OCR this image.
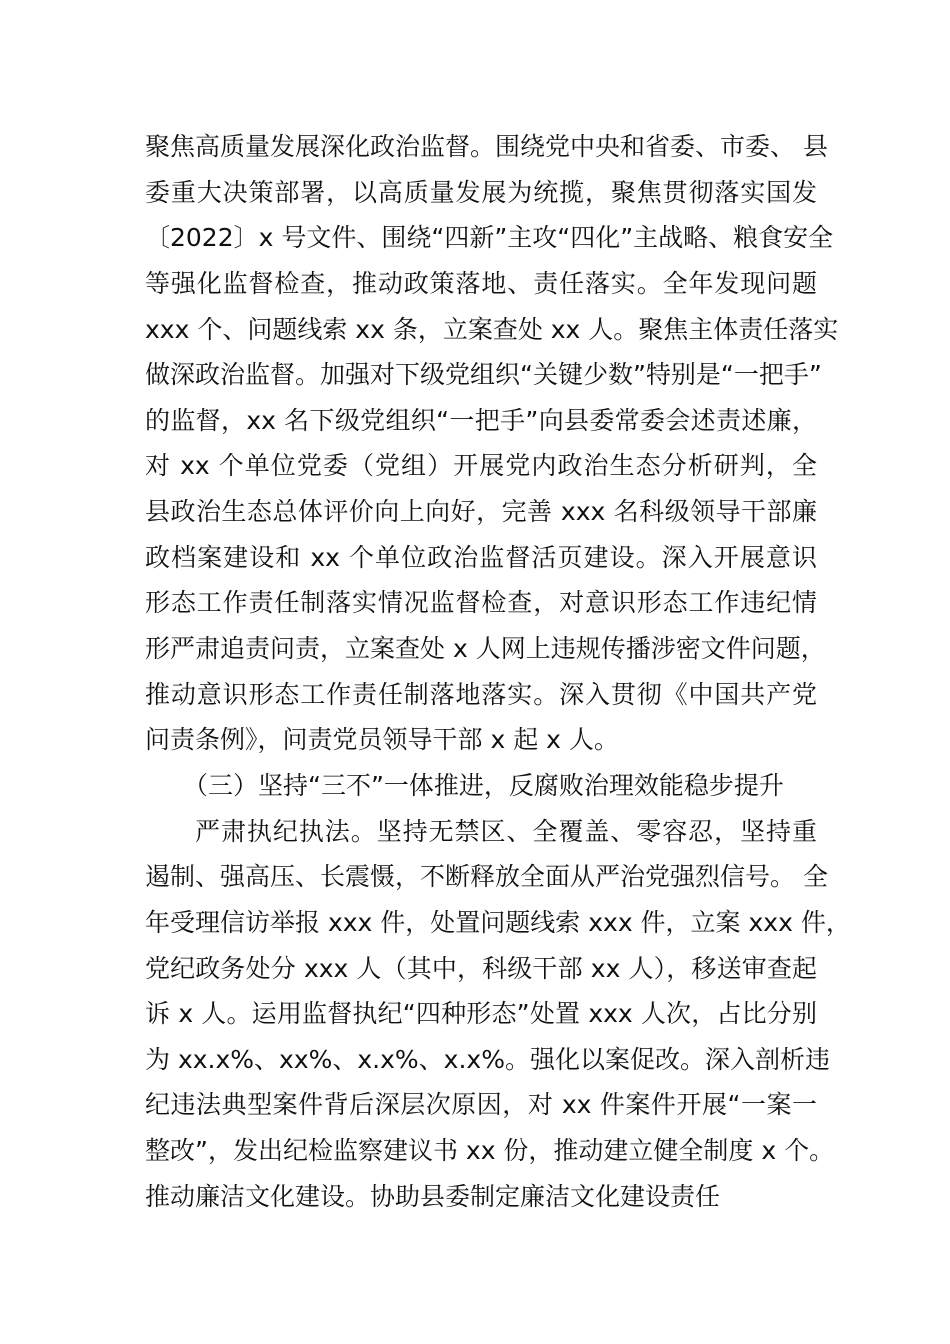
聚焦高质量发展深化政治监督。围绕党中央和省委、市委、 县
委重大决策部署，以高质量发展为统揽，聚焦贯彻落实国发
〔2022〕x 号文件、围绕“四新”主攻“四化”主战略、粮食安全
等强化监督检查，推动政策落地、责任落实。全年发现问题
xxx 个、问题线索 xx 条，立案查处 xx 人。聚焦主体责任落实
做深政治监督。加强对下级党组织“关键少数”特别是“一把手”
的监督，xx 名下级党组织“一把手”向县委常委会述责述廉，
对 xx 个单位党委（党组）开展党内政治生态分析研判，全
县政治生态总体评价向上向好，完善 xxx 名科级领导干部廉
政档案建设和 xx 个单位政治监督活页建设。深入开展意识
形态工作责任制落实情况监督检查，对意识形态工作违纪情
形严肃追责问责，立案查处 x 人网上违规传播涉密文件问题，
推动意识形态工作责任制落地落实。深入贯彻《中国共产党
问责条例》，问责党员领导干部 x 起 x 人。
（三）坚持“三不”一体推进，反腐败治理效能稳步提升
严肃执纪执法。坚持无禁区、全覆盖、零容忍，坚持重
遏制、强高压、长震慑，不断释放全面从严治党强烈信号。 全
年受理信访举报 xxx 件，处置问题线索 xxx 件，立案 xxx 件，
党纪政务处分 xxx 人（其中，科级干部 xx 人），移送审查起
诉 x 人。运用监督执纪“四种形态”处置 xxx 人次，占比分别
为 xx.x%、xx%、x.x%、x.x%。强化以案促改。深入剖析违
纪违法典型案件背后深层次原因，对 xx 件案件开展“一案一
整改”，发出纪检监察建议书 xx 份，推动建立健全制度 x 个。
推动廉洁文化建设。协助县委制定廉洁文化建设责任
